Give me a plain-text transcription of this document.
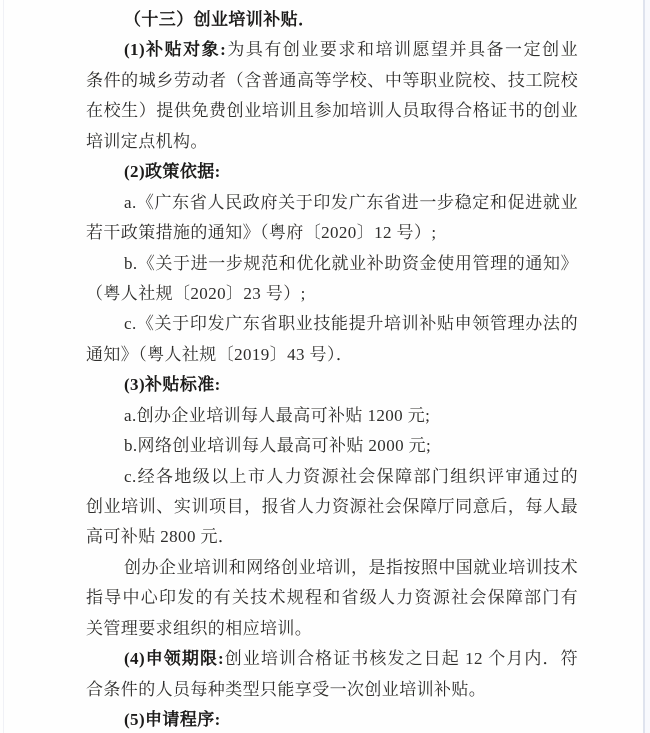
（十三）创业培训补贴．
(1)补贴对象:为具有创业要求和培训愿望并具备一定创业
条件的城乡劳动者（含普通高等学校、中等职业院校、技工院校
在校生）提供免费创业培训且参加培训人员取得合格证书的创业
培训定点机构。
(2)政策依据:
a.《广东省人民政府关于印发广东省进一步稳定和促进就业
若干政策措施的通知》（粤府〔2020〕12 号）;
b.《关于进一步规范和优化就业补助资金使用管理的通知》
（粤人社规〔2020〕23 号）;
c.《关于印发广东省职业技能提升培训补贴申领管理办法的
通知》（粤人社规〔2019〕43 号）．
(3)补贴标准:
a.创办企业培训每人最高可补贴 1200 元;
b.网络创业培训每人最高可补贴 2000 元;
c.经各地级以上市人力资源社会保障部门组织评审通过的
创业培训、实训项目，报省人力资源社会保障厅同意后，每人最
高可补贴 2800 元．
创办企业培训和网络创业培训，是指按照中国就业培训技术
指导中心印发的有关技术规程和省级人力资源社会保障部门有
关管理要求组织的相应培训。
(4)申领期限:创业培训合格证书核发之日起 12 个月内．符
合条件的人员每种类型只能享受一次创业培训补贴。
(5)申请程序:
